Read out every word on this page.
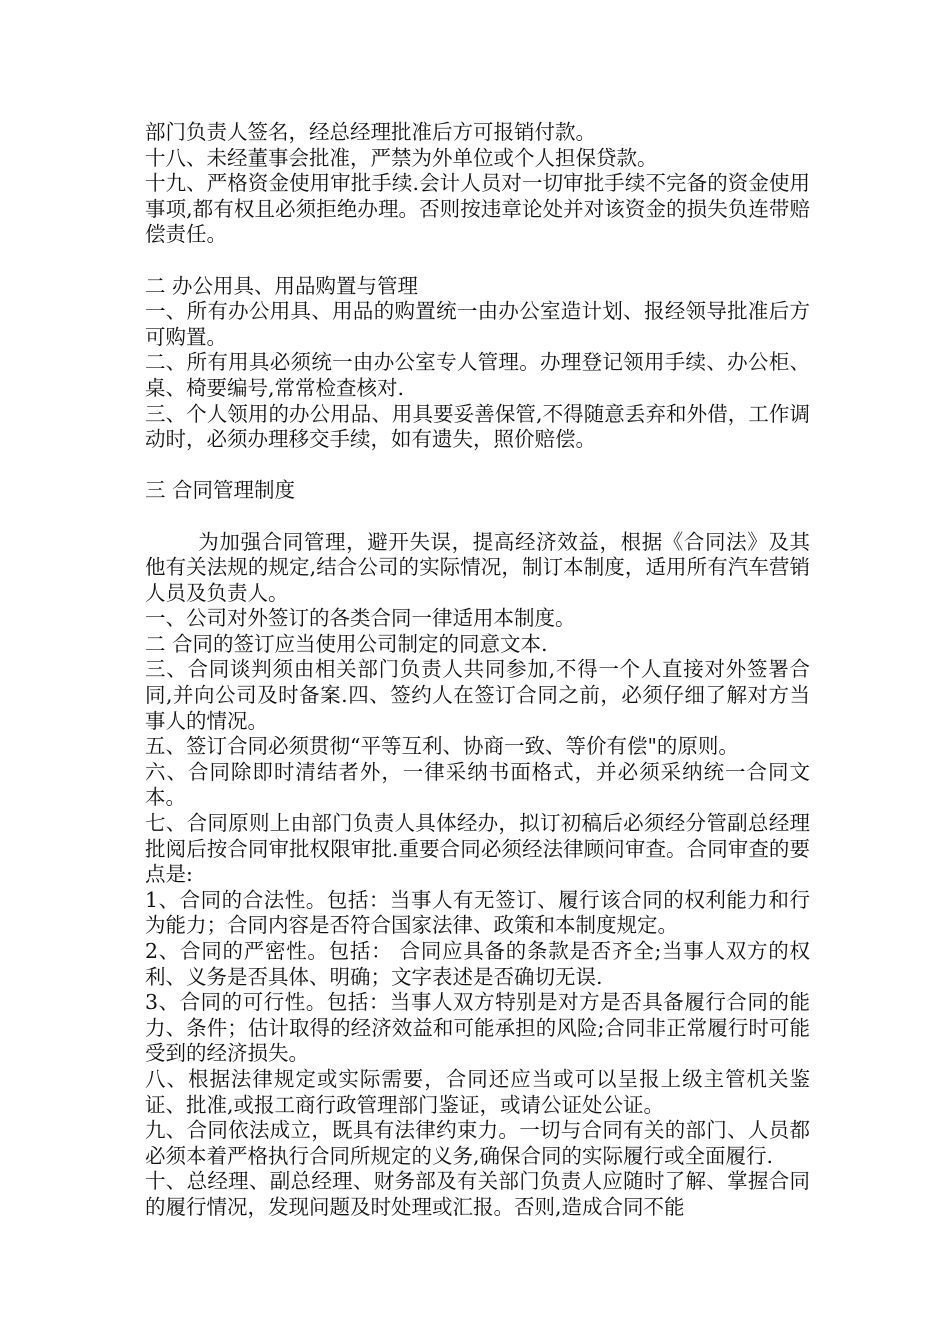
部门负责人签名，经总经理批准后方可报销付款。
十八、未经董事会批准，严禁为外单位或个人担保贷款。
十九、严格资金使用审批手续.会计人员对一切审批手续不完备的资金使用事项,都有权且必须拒绝办理。否则按违章论处并对该资金的损失负连带赔偿责任。
二 办公用具、用品购置与管理
一、所有办公用具、用品的购置统一由办公室造计划、报经领导批准后方可购置。
二、所有用具必须统一由办公室专人管理。办理登记领用手续、办公柜、桌、椅要编号,常常检查核对.
三、个人领用的办公用品、用具要妥善保管,不得随意丢弃和外借，工作调动时，必须办理移交手续，如有遗失，照价赔偿。
三 合同管理制度
为加强合同管理，避开失误，提高经济效益，根据《合同法》及其他有关法规的规定,结合公司的实际情况，制订本制度，适用所有汽车营销人员及负责人。
一、公司对外签订的各类合同一律适用本制度。
二 合同的签订应当使用公司制定的同意文本.
三、合同谈判须由相关部门负责人共同参加,不得一个人直接对外签署合同,并向公司及时备案.四、签约人在签订合同之前，必须仔细了解对方当事人的情况。
五、签订合同必须贯彻“平等互利、协商一致、等价有偿"的原则。
六、合同除即时清结者外，一律采纳书面格式，并必须采纳统一合同文本。
七、合同原则上由部门负责人具体经办，拟订初稿后必须经分管副总经理批阅后按合同审批权限审批.重要合同必须经法律顾问审查。合同审查的要点是:
1、合同的合法性。包括：当事人有无签订、履行该合同的权利能力和行为能力；合同内容是否符合国家法律、政策和本制度规定。
2、合同的严密性。包括： 合同应具备的条款是否齐全;当事人双方的权利、义务是否具体、明确；文字表述是否确切无误.
3、合同的可行性。包括：当事人双方特别是对方是否具备履行合同的能力、条件；估计取得的经济效益和可能承担的风险;合同非正常履行时可能受到的经济损失。
八、根据法律规定或实际需要，合同还应当或可以呈报上级主管机关鉴证、批准,或报工商行政管理部门鉴证，或请公证处公证。
九、合同依法成立，既具有法律约束力。一切与合同有关的部门、人员都必须本着严格执行合同所规定的义务,确保合同的实际履行或全面履行.
十、总经理、副总经理、财务部及有关部门负责人应随时了解、掌握合同的履行情况，发现问题及时处理或汇报。否则,造成合同不能
